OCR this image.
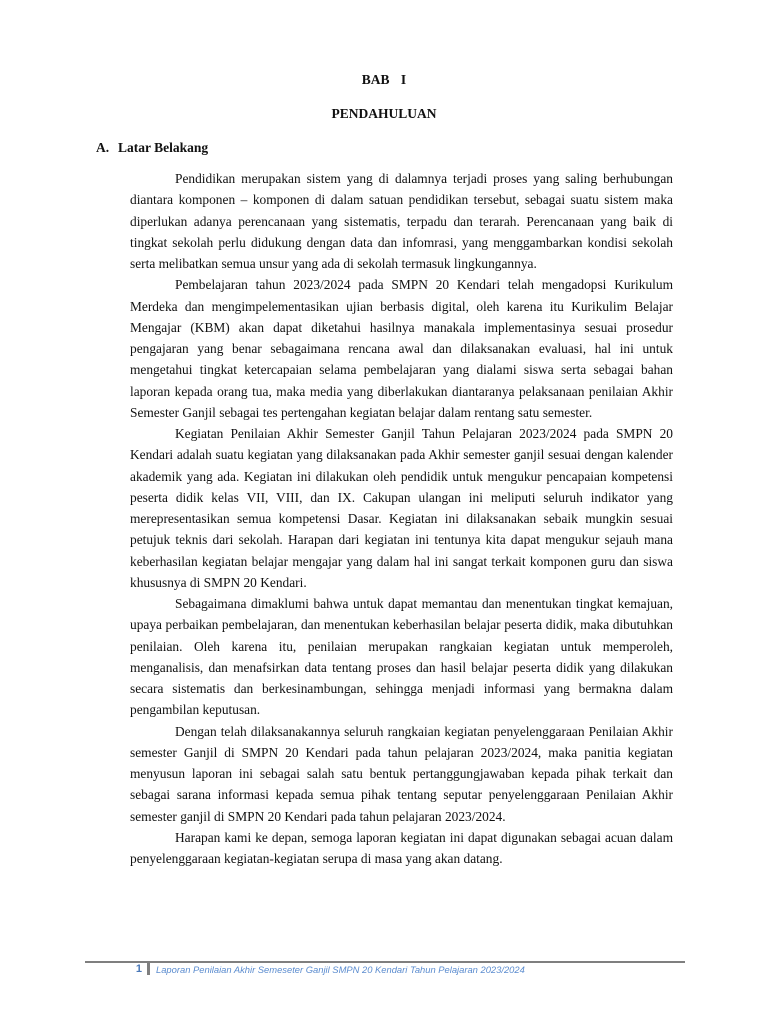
BAB I
PENDAHULUAN
A. Latar Belakang

Pendidikan merupakan sistem yang di dalamnya terjadi proses yang saling berhubungan diantara komponen – komponen di dalam satuan pendidikan tersebut, sebagai suatu sistem maka diperlukan adanya perencanaan yang sistematis, terpadu dan terarah. Perencanaan yang baik di tingkat sekolah perlu didukung dengan data dan infomrasi, yang menggambarkan kondisi sekolah serta melibatkan semua unsur yang ada di sekolah termasuk lingkungannya.

Pembelajaran tahun 2023/2024 pada SMPN 20 Kendari telah mengadopsi Kurikulum Merdeka dan mengimpelementasikan ujian berbasis digital, oleh karena itu Kurikulim Belajar Mengajar (KBM) akan dapat diketahui hasilnya manakala implementasinya sesuai prosedur pengajaran yang benar sebagaimana rencana awal dan dilaksanakan evaluasi, hal ini untuk mengetahui tingkat ketercapaian selama pembelajaran yang dialami siswa serta sebagai bahan laporan kepada orang tua, maka media yang diberlakukan diantaranya pelaksanaan penilaian Akhir Semester Ganjil sebagai tes pertengahan kegiatan belajar dalam rentang satu semester.

Kegiatan Penilaian Akhir Semester Ganjil Tahun Pelajaran 2023/2024 pada SMPN 20 Kendari adalah suatu kegiatan yang dilaksanakan pada Akhir semester ganjil sesuai dengan kalender akademik yang ada. Kegiatan ini dilakukan oleh pendidik untuk mengukur pencapaian kompetensi peserta didik kelas VII, VIII, dan IX. Cakupan ulangan ini meliputi seluruh indikator yang merepresentasikan semua kompetensi Dasar. Kegiatan ini dilaksanakan sebaik mungkin sesuai petujuk teknis dari sekolah. Harapan dari kegiatan ini tentunya kita dapat mengukur sejauh mana keberhasilan kegiatan belajar mengajar yang dalam hal ini sangat terkait komponen guru dan siswa khususnya di SMPN 20 Kendari.

Sebagaimana dimaklumi bahwa untuk dapat memantau dan menentukan tingkat kemajuan, upaya perbaikan pembelajaran, dan menentukan keberhasilan belajar peserta didik, maka dibutuhkan penilaian. Oleh karena itu, penilaian merupakan rangkaian kegiatan untuk memperoleh, menganalisis, dan menafsirkan data tentang proses dan hasil belajar peserta didik yang dilakukan secara sistematis dan berkesinambungan, sehingga menjadi informasi yang bermakna dalam pengambilan keputusan.

Dengan telah dilaksanakannya seluruh rangkaian kegiatan penyelenggaraan Penilaian Akhir semester Ganjil di SMPN 20 Kendari pada tahun pelajaran 2023/2024, maka panitia kegiatan menyusun laporan ini sebagai salah satu bentuk pertanggungjawaban kepada pihak terkait dan sebagai sarana informasi kepada semua pihak tentang seputar penyelenggaraan Penilaian Akhir semester ganjil di SMPN 20 Kendari pada tahun pelajaran 2023/2024.

Harapan kami ke depan, semoga laporan kegiatan ini dapat digunakan sebagai acuan dalam penyelenggaraan kegiatan-kegiatan serupa di masa yang akan datang.

1 Laporan Penilaian Akhir Semeseter Ganjil SMPN 20 Kendari Tahun Pelajaran 2023/2024
